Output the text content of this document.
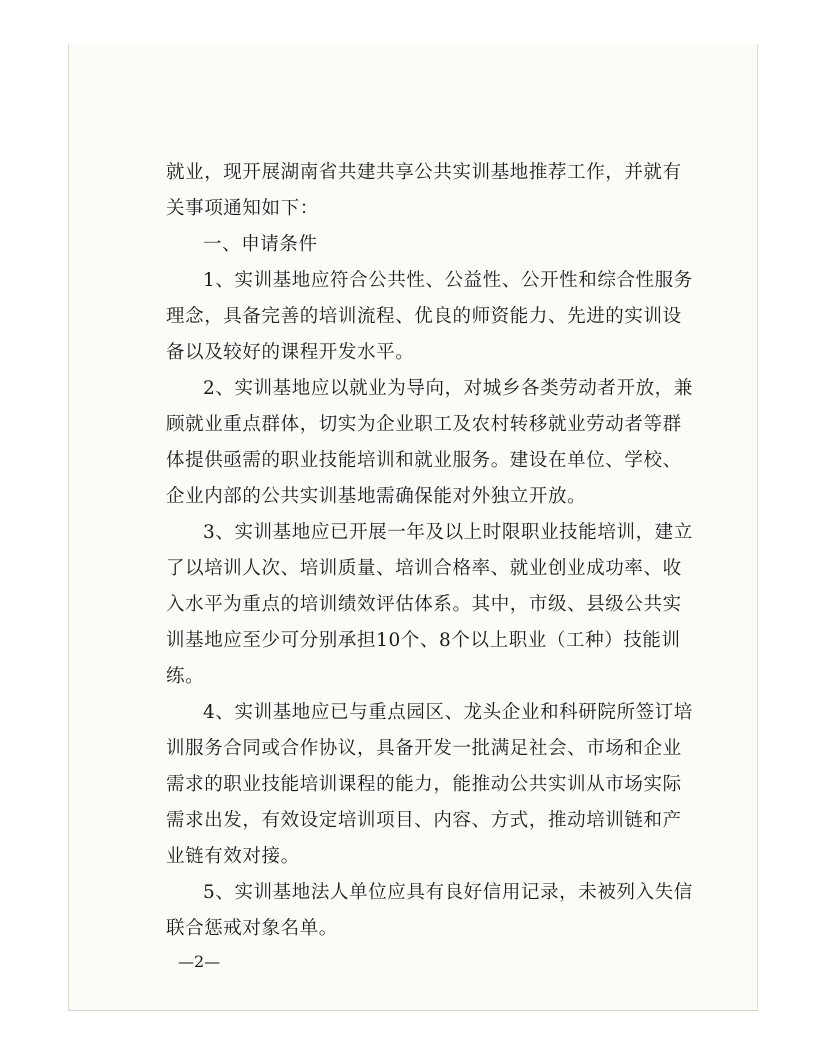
就业，现开展湖南省共建共享公共实训基地推荐工作，并就有
关事项通知如下：
一、申请条件
1、实训基地应符合公共性、公益性、公开性和综合性服务
理念，具备完善的培训流程、优良的师资能力、先进的实训设
备以及较好的课程开发水平。
2、实训基地应以就业为导向，对城乡各类劳动者开放，兼
顾就业重点群体，切实为企业职工及农村转移就业劳动者等群
体提供亟需的职业技能培训和就业服务。建设在单位、学校、
企业内部的公共实训基地需确保能对外独立开放。
3、实训基地应已开展一年及以上时限职业技能培训，建立
了以培训人次、培训质量、培训合格率、就业创业成功率、收
入水平为重点的培训绩效评估体系。其中，市级、县级公共实
训基地应至少可分别承担10个、8个以上职业（工种）技能训
练。
4、实训基地应已与重点园区、龙头企业和科研院所签订培
训服务合同或合作协议，具备开发一批满足社会、市场和企业
需求的职业技能培训课程的能力，能推动公共实训从市场实际
需求出发，有效设定培训项目、内容、方式，推动培训链和产
业链有效对接。
5、实训基地法人单位应具有良好信用记录，未被列入失信
联合惩戒对象名单。
—2—
